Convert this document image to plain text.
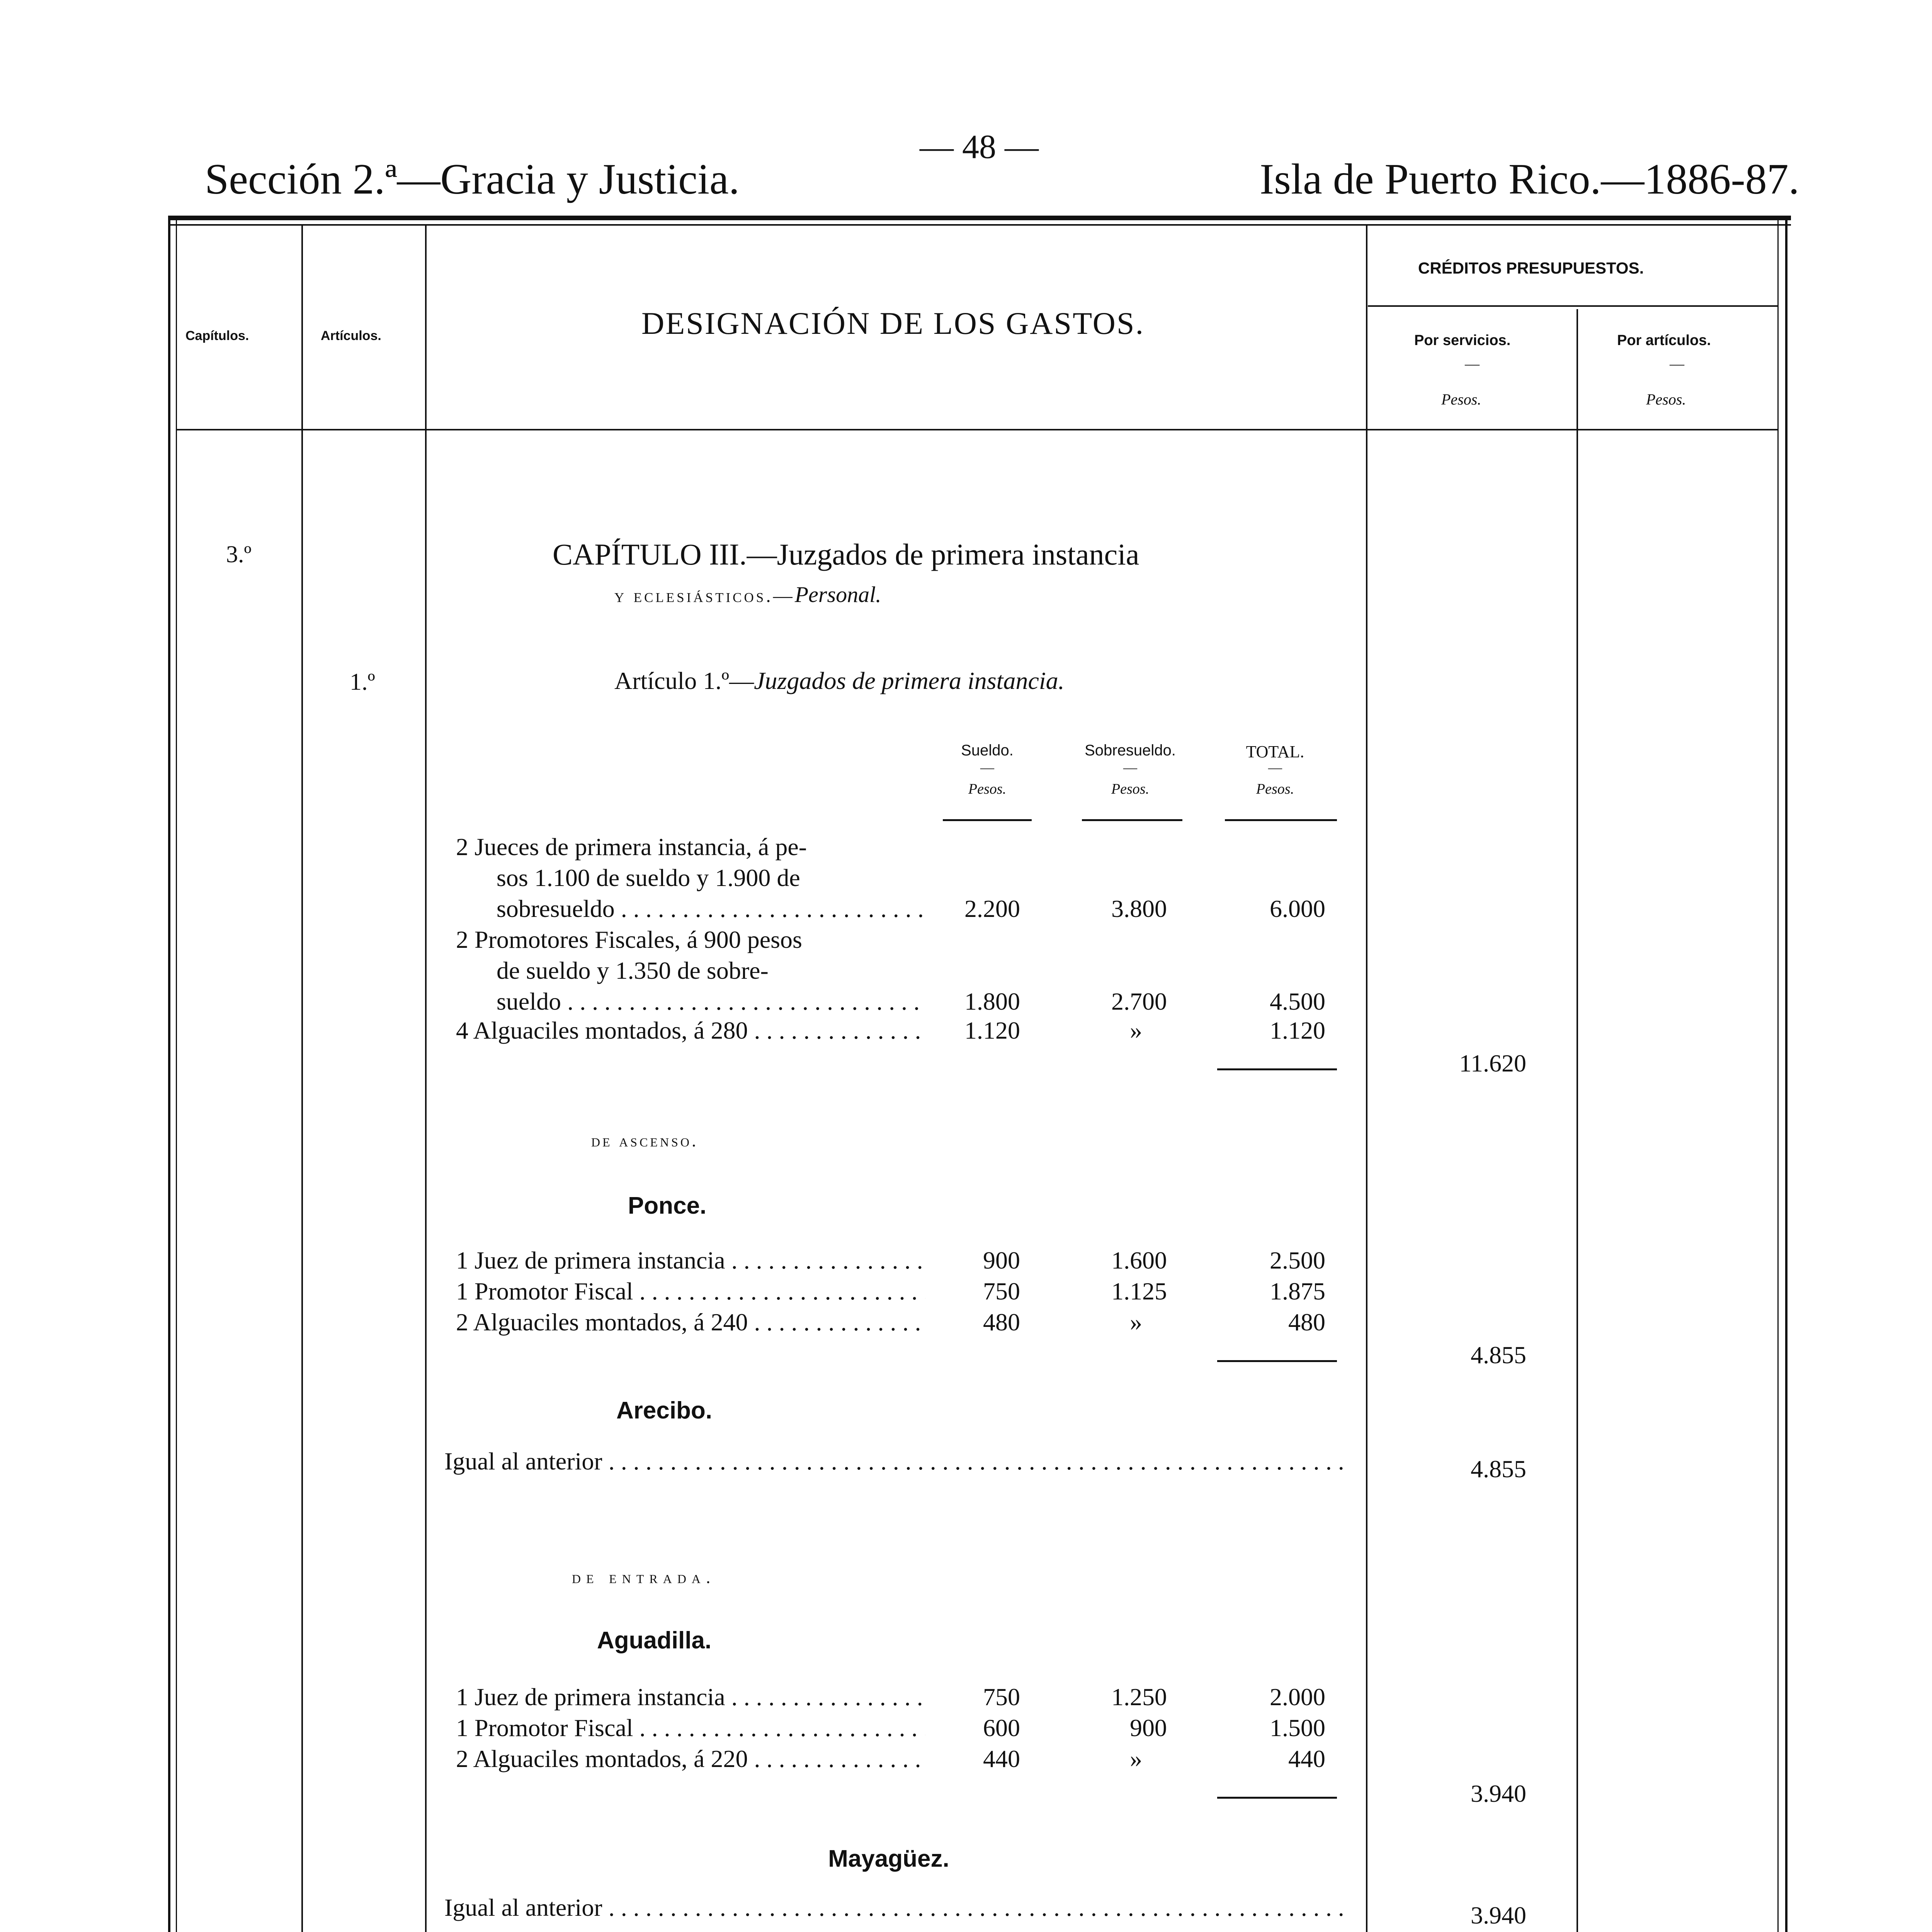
— 48 —
Sección 2.ª—Gracia y Justicia.	Isla de Puerto Rico.—1886-87.
Capítulos.	Artículos.	DESIGNACIÓN DE LOS GASTOS.
CRÉDITOS PRESUPUESTOS.
Por servicios.	Por artículos.
—	—
Pesos.	Pesos.
3.º	CAPÍTULO III.—Juzgados de primera instancia
y eclesiásticos.—Personal.
1.º	Artículo 1.º—Juzgados de primera instancia.
Sueldo.	Sobresueldo.	TOTAL.
—	—	—
Pesos.	Pesos.	Pesos.
2 Jueces de primera instancia, á pe-
sos 1.100 de sueldo y 1.900 de
sobresueldo . . .	2.200	3.800	6.000
2 Promotores Fiscales, á 900 pesos
de sueldo y 1.350 de sobre-
sueldo . . .	1.800	2.700	4.500
4 Alguaciles montados, á 280 . . .	1.120	»	1.120
11.620
de ascenso.
Ponce.
1 Juez de primera instancia . . .	900	1.600	2.500
1 Promotor Fiscal . . .	750	1.125	1.875
2 Alguaciles montados, á 240 . . .	480	»	480
4.855
Arecibo.
Igual al anterior . . .	4.855
de entrada.
Aguadilla.
1 Juez de primera instancia . . .	750	1.250	2.000
1 Promotor Fiscal . . .	600	900	1.500
2 Alguaciles montados, á 220 . . .	440	»	440
3.940
Mayagüez.
Igual al anterior . . .	3.940
